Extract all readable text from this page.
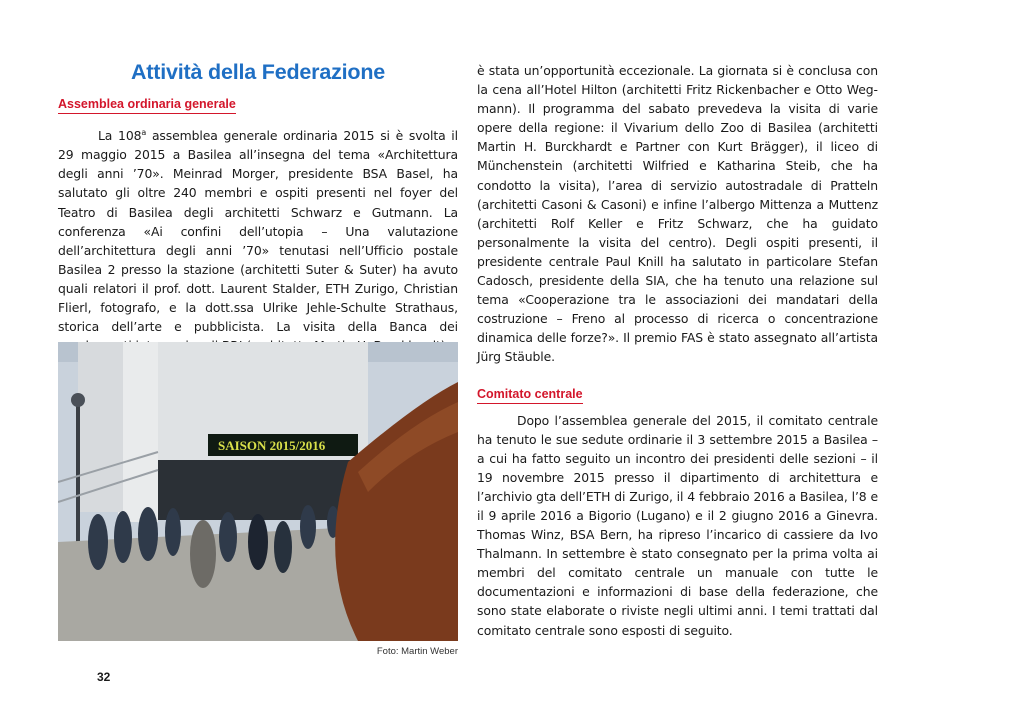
Attività della Federazione
Assemblea ordinaria generale

La 108$^a$ assemblea generale ordinaria 2015 si è svolta il 29 maggio 2015 a Basilea all’insegna del tema «Architettura degli anni ’70». Meinrad Morger, presidente BSA Basel, ha salutato gli oltre 240 membri e ospiti presenti nel foyer del Teatro di Basilea degli architetti Schwarz e Gutmann. La conferenza «Ai confini dell’utopia – Una valutazione dell’architettura degli anni ’70» tenutasi nell’Ufficio postale Basilea 2 presso la stazione (architetti Suter & Suter) ha avuto quali relatori il prof. dott. Laurent Stalder, ETH Zurigo, Christian Flierl, fotografo, e la dott.ssa Ulrike Jehle-Schulte Strathaus, storica dell’arte e pubblicista. La visita della Banca dei

SAISON 2015/2016
Foto: Martin Weber

è stata un’opportunità eccezionale. La giornata si è conclusa con la cena all’Hotel Hilton (architetti Fritz Rickenbacher e Otto Wegmann). Il programma del sabato prevedeva la visita di varie opere della regione: il Vivarium dello Zoo di Basilea (architetti Martin H. Burckhardt e Partner con Kurt Brägger), il liceo di Münchenstein (architetti Wilfried e Katharina Steib, che ha condotto la visita), l’area di servizio autostradale di Pratteln (architetti Casoni & Casoni) e infine l’albergo Mittenza a Muttenz (architetti Rolf Keller e Fritz Schwarz, che ha guidato personalmente la visita del centro). Degli ospiti presenti, il presidente centrale Paul Knill ha salutato in particolare Stefan Cadosch, presidente della SIA, che ha tenuto una relazione sul tema «Cooperazione tra le associazioni dei mandatari della costruzione – Freno al processo di ricerca o concentrazione dinamica delle forze?». Il premio FAS è stato assegnato all’artista Jürg Stäuble.

Comitato centrale

Dopo l’assemblea generale del 2015, il comitato centrale ha tenuto le sue sedute ordinarie il 3 settembre 2015 a Basilea – a cui ha fatto seguito un incontro dei presidenti delle sezioni – il 19 novembre 2015 presso il dipartimento di architettura e l’archivio gta dell’ETH di Zurigo, il 4 febbraio 2016 a Basilea, l’8 e il 9 aprile 2016 a Bigorio (Lugano) e il 2 giugno 2016 a Ginevra. Thomas Winz, BSA Bern, ha ripreso l’incarico di cassiere da Ivo Thalmann. In settembre è stato consegnato per la prima volta ai membri del comitato centrale un manuale con tutte le documentazioni e informazioni di base della federazione, che sono state elaborate o riviste negli ultimi anni. I temi trattati dal comitato centrale sono esposti di seguito.

32
